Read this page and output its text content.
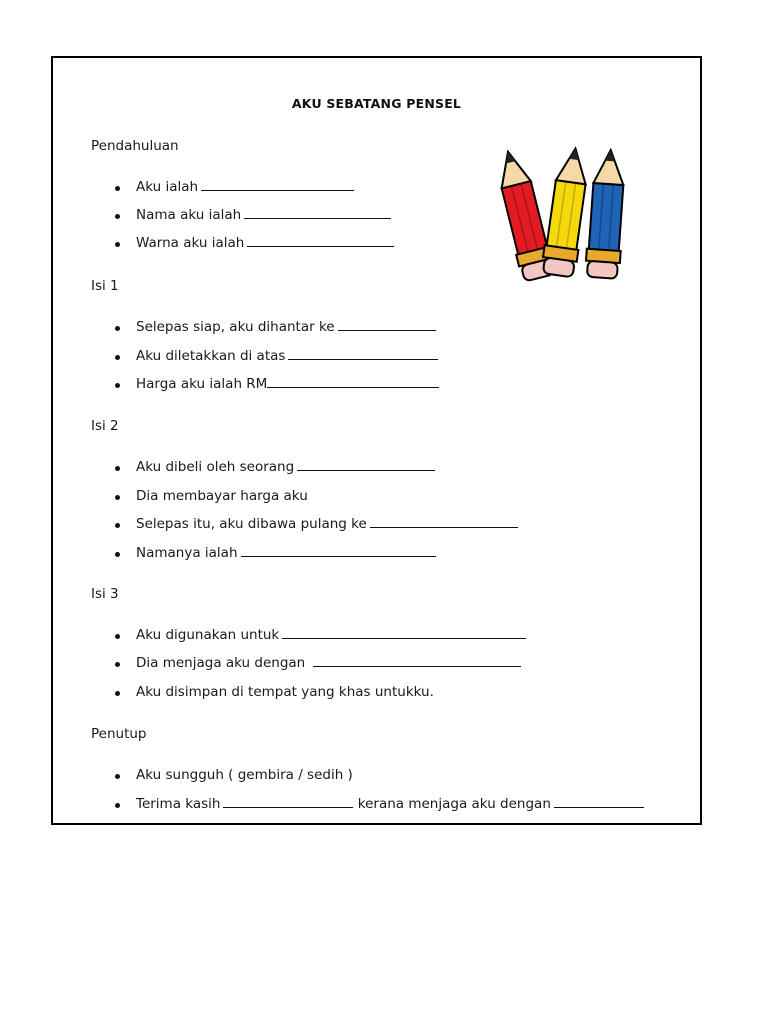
AKU SEBATANG PENSEL
Pendahuluan
Aku ialah
Nama aku ialah
Warna aku ialah
Isi 1
Selepas siap, aku dihantar ke
Aku diletakkan di atas
Harga aku ialah RM
Isi 2
Aku dibeli oleh seorang
Dia membayar harga aku
Selepas itu, aku dibawa pulang ke
Namanya ialah
Isi 3
Aku digunakan untuk
Dia menjaga aku dengan
Aku disimpan di tempat yang khas untukku.
Penutup
Aku sungguh ( gembira / sedih )
Terima kasih	kerana menjaga aku dengan
